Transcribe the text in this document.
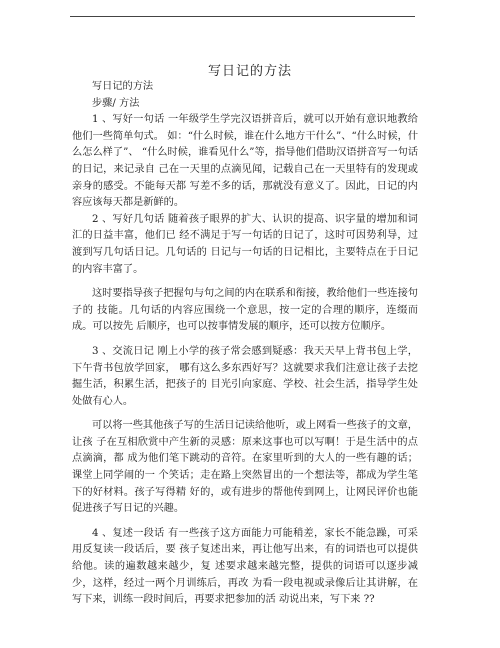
写日记的方法

写日记的方法

步骤/ 方法

1 、写好一句话 一年级学生学完汉语拼音后，就可以开始有意识地教给他们一些简单句式。 如：“什么时候，谁在什么地方干什么”、“什么时候，什么怎么样了”、 “什么时候，谁看见什么”等，指导他们借助汉语拼音写一句话的日记，来记录自 己在一天里的点滴见闻，记载自己在一天里特有的发现或亲身的感受。不能每天都 写差不多的话，那就没有意义了。因此，日记的内容应该每天都是新鲜的。

2 、写好几句话 随着孩子眼界的扩大、认识的提高、识字量的增加和词汇的日益丰富，他们已 经不满足于写一句话的日记了，这时可因势利导，过渡到写几句话日记。几句话的 日记与一句话的日记相比，主要特点在于日记的内容丰富了。

这时要指导孩子把握句与句之间的内在联系和衔接，教给他们一些连接句子的 技能。几句话的内容应围绕一个意思，按一定的合理的顺序，连缀而成。可以按先 后顺序，也可以按事情发展的顺序，还可以按方位顺序。

3 、交流日记 刚上小学的孩子常会感到疑惑：我天天早上背书包上学，下午背书包放学回家， 哪有这么多东西好写？这就要求我们注意让孩子去挖掘生活，积累生活，把孩子的 目光引向家庭、学校、社会生活，指导学生处处做有心人。

可以将一些其他孩子写的生活日记读给他听，或上网看一些孩子的文章，让孩 子在互相欣赏中产生新的灵感：原来这事也可以写啊！于是生活中的点点滴滴，都 成为他们笔下跳动的音符。在家里听到的大人的一些有趣的话；课堂上同学闹的一 个笑话；走在路上突然冒出的一个想法等，都成为学生笔下的好材料。孩子写得精 好的，或有进步的帮他传到网上，让网民评价也能促进孩子写日记的兴趣。

4 、复述一段话 有一些孩子这方面能力可能稍差，家长不能急躁，可采用反复读一段话后，要 孩子复述出来，再让他写出来，有的词语也可以提供给他。读的遍数越来越少，复 述要求越来越完整，提供的词语可以逐步减少，这样，经过一两个月训练后，再改 为看一段电视或录像后让其讲解，在写下来，训练一段时间后，再要求把参加的活 动说出来，写下来 ??
